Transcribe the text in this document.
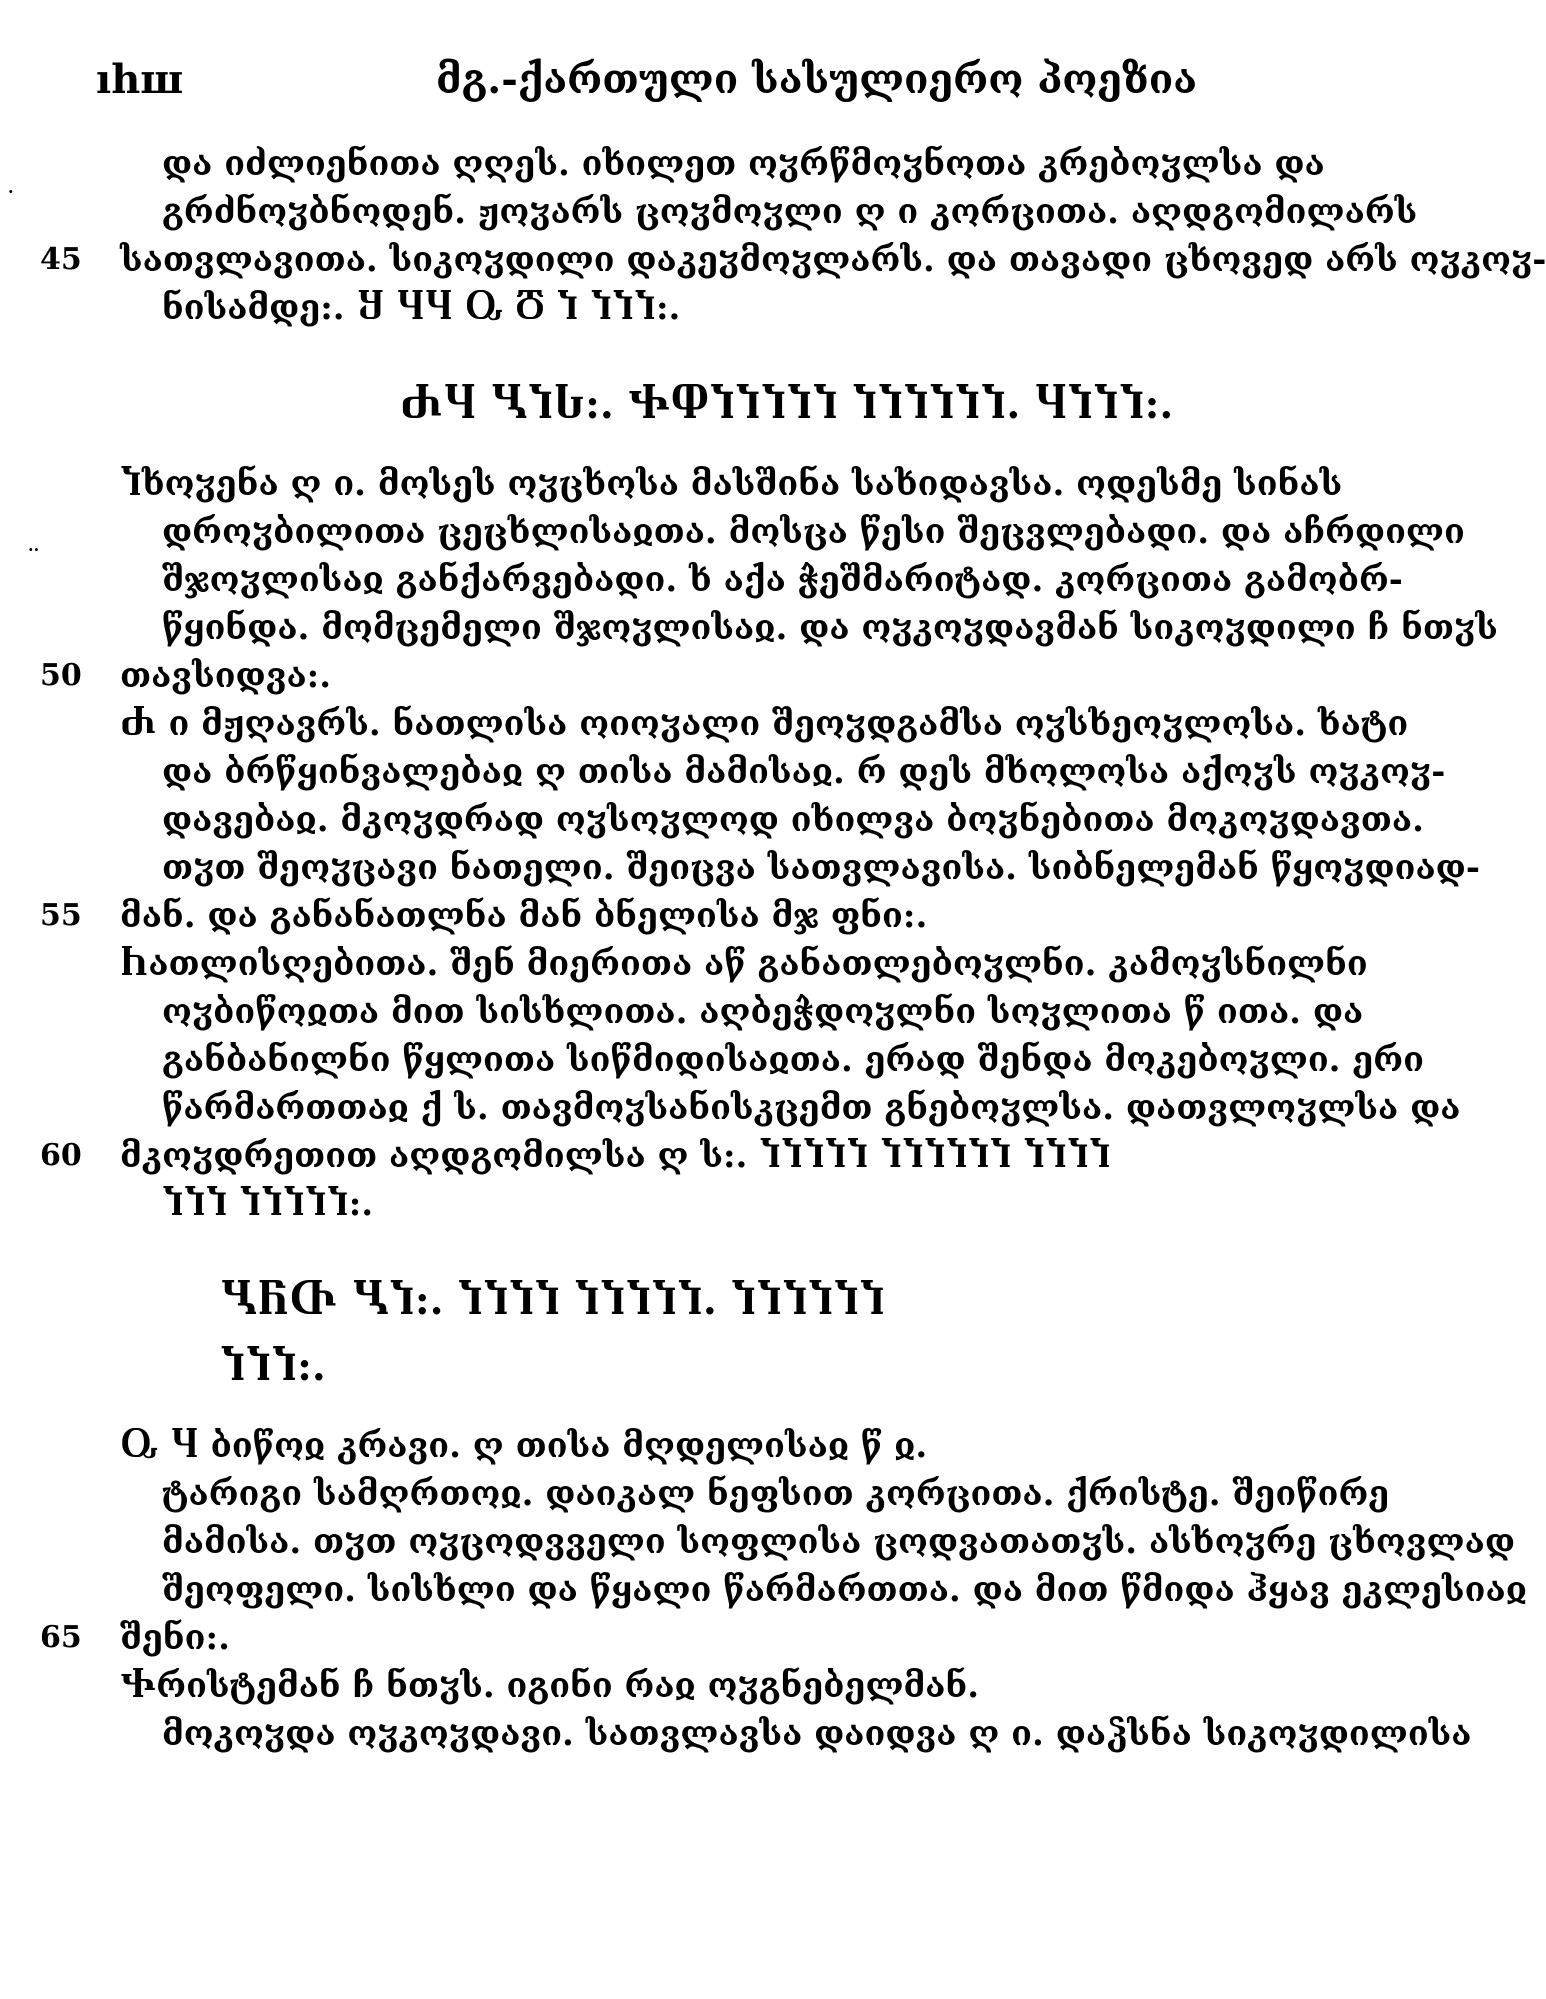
ıhш	მგ.-ქართული სასულიერო პოეზია
და იძლიენითა ღღეს. იხილეთ ოჳრწმოჳნოთა კრებოჳლსა და
გრძნოჳბნოდენ. ჟოჳარს ცოჳმოჳლი ღ ი კორცითა. აღდგომილარს
45	სათვლავითა. სიკოჳდილი დაკეჳმოჳლარს. და თავადი ცხოვედ არს ოჳკოჳ-
ნისამდე:. Ⴘ ႷႷ Ⴍ Ⴃ Ⴈ ႨႨႨ:.
ႻႷ ႡႨႱ:. ႵႴႨႨႨႨႨ ႨႨႨႨႨႨ. ႷႨႨႨ:.
Ⴈხოჳენა ღ ი. მოსეს ოჳცხოსა მასშინა სახიდავსა. ოდესმე სინას
დროჳბილითა ცეცხლისაჲთა. მოსცა წესი შეცვლებადი. და აჩრდილი
შჯოჳლისაჲ განქარვებადი. ხ აქა ჭეშმარიტად. კორცითა გამობრ-
წყინდა. მომცემელი შჯოჳლისაჲ. და ოჳკოჳდავმან სიკოჳდილი ჩ ნთჳს
50	თავსიდვა:.
Ⴛ ი მჟღავრს. ნათლისა ოიოჳალი შეოჳდგამსა ოჳსხეოჳლოსა. ხატი
და ბრწყინვალებაჲ ღ თისა მამისაჲ. რ დეს მხოლოსა აქოჳს ოჳკოჳ-
დავებაჲ. მკოჳდრად ოჳსოჳლოდ იხილვა ბოჳნებითა მოკოჳდავთა.
თჳთ შეოჳცავი ნათელი. შეიცვა სათვლავისა. სიბნელემან წყოჳდიად-
55	მან. და განანათლნა მან ბნელისა მჯ ფნი:.
Ⴙათლისღებითა. შენ მიერითა აწ განათლებოჳლნი. კამოჳსნილნი
ოჳბიწოჲთა მით სისხლითა. აღბეჭდოჳლნი სოჳლითა წ ითა. და
განბანილნი წყლითა სიწმიდისაჲთა. ერად შენდა მოკებოჳლი. ერი
წარმართთაჲ ქ ს. თავმოჳსანისკცემთ გნებოჳლსა. დათვლოჳლსა და
60	მკოჳდრეთით აღდგომილსა ღ ს:. ႨႨႨႨႨ ႨႨႨႨႨႨ ႨႨႨႨ
ႨႨႨ ႨႨႨႨႨ:.
ႡႬႧ ႡႨ:. ႨႨႨႨ ႨႨႨႨႨ. ႨႨႨႨႨႨ
ႨႨႨ:.
Ⴍ Ⴗ ბიწოჲ კრავი. ღ თისა მღდელისაჲ წ ჲ.
ტარიგი სამღრთოჲ. დაიკალ ნეფსით კორცითა. ქრისტე. შეიწირე
მამისა. თჳთ ოჳცოდვველი სოფლისა ცოდვათათჳს. ასხოჳრე ცხოვლად
შეოფელი. სისხლი და წყალი წარმართთა. და მით წმიდა ჰყავ ეკლესიაჲ
65	შენი:.
Ⴕრისტემან ჩ ნთჳს. იგინი რაჲ ოჳგნებელმან.
მოკოჳდა ოჳკოჳდავი. სათვლავსა დაიდვა ღ ი. დაჴსნა სიკოჳდილისა
·
··
